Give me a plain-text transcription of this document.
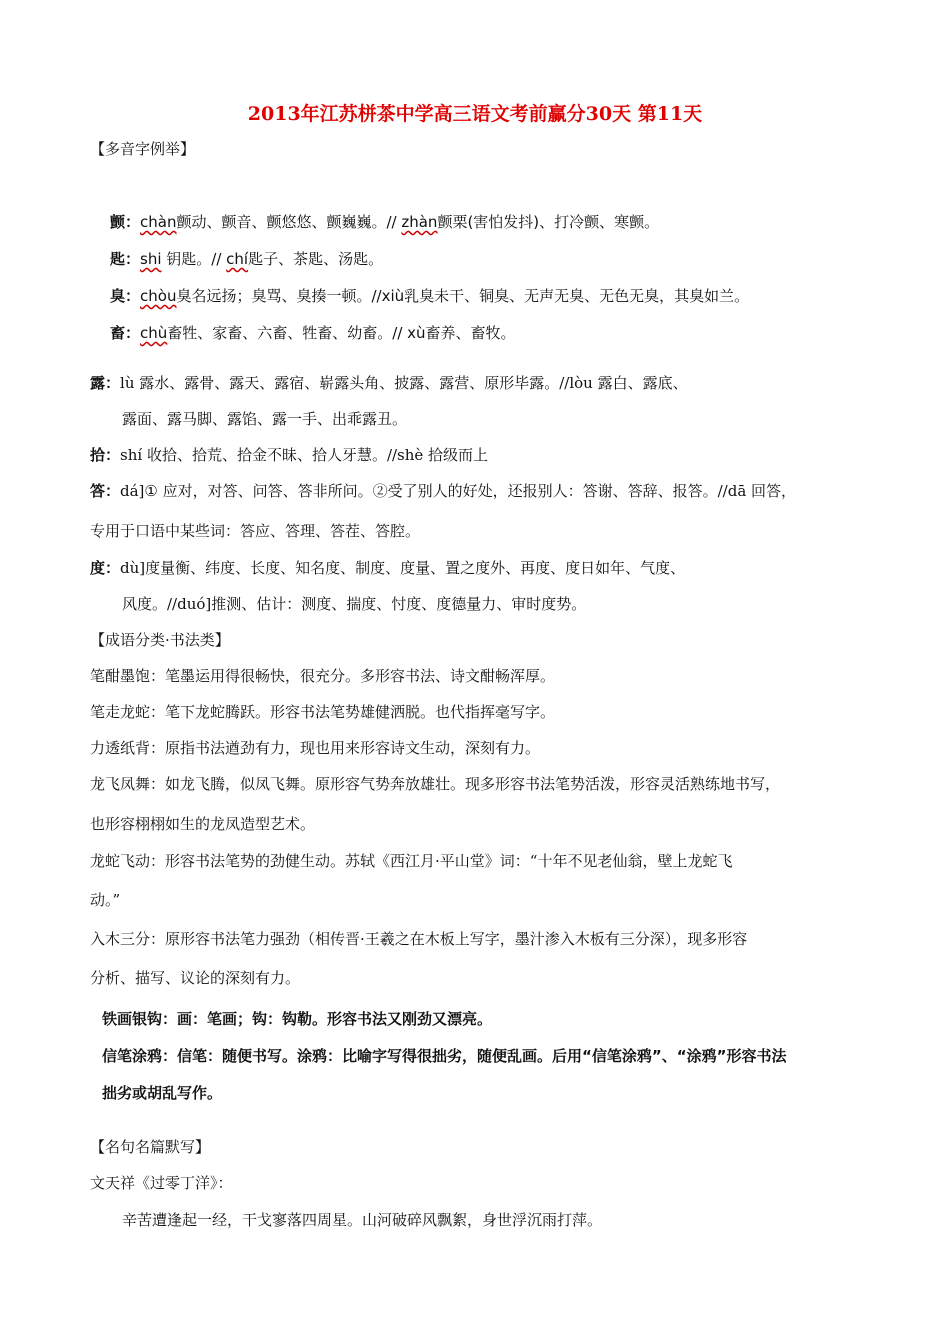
2013年江苏栟茶中学高三语文考前赢分30天 第11天
【多音字例举】
颤：chàn颤动、颤音、颤悠悠、颤巍巍。// zhàn颤栗(害怕发抖)、打冷颤、寒颤。
匙：shi 钥匙。// chí匙子、茶匙、汤匙。
臭：chòu臭名远扬；臭骂、臭揍一顿。//xiù乳臭未干、铜臭、无声无臭、无色无臭，其臭如兰。
畜：chù畜牲、家畜、六畜、牲畜、幼畜。// xù畜养、畜牧。
露：lù 露水、露骨、露天、露宿、崭露头角、披露、露营、原形毕露。//lòu 露白、露底、
露面、露马脚、露馅、露一手、出乖露丑。
拾：shí 收拾、拾荒、拾金不昧、拾人牙慧。//shè 拾级而上
答：dá]① 应对，对答、问答、答非所问。②受了别人的好处，还报别人：答谢、答辞、报答。//dā 回答，
专用于口语中某些词：答应、答理、答茬、答腔。
度：dù]度量衡、纬度、长度、知名度、制度、度量、置之度外、再度、度日如年、气度、
风度。//duó]推测、估计：测度、揣度、忖度、度德量力、审时度势。
【成语分类·书法类】
笔酣墨饱：笔墨运用得很畅快，很充分。多形容书法、诗文酣畅浑厚。
笔走龙蛇：笔下龙蛇腾跃。形容书法笔势雄健洒脱。也代指挥毫写字。
力透纸背：原指书法遒劲有力，现也用来形容诗文生动，深刻有力。
龙飞凤舞：如龙飞腾，似凤飞舞。原形容气势奔放雄壮。现多形容书法笔势活泼，形容灵活熟练地书写，
也形容栩栩如生的龙凤造型艺术。
龙蛇飞动：形容书法笔势的劲健生动。苏轼《西江月·平山堂》词：“十年不见老仙翁，壁上龙蛇飞
动。”
入木三分：原形容书法笔力强劲（相传晋·王羲之在木板上写字，墨汁渗入木板有三分深），现多形容
分析、描写、议论的深刻有力。
铁画银钩：画：笔画；钩：钩勒。形容书法又刚劲又漂亮。
信笔涂鸦：信笔：随便书写。涂鸦：比喻字写得很拙劣，随便乱画。后用“信笔涂鸦”、“涂鸦”形容书法
拙劣或胡乱写作。
【名句名篇默写】
文天祥《过零丁洋》：
辛苦遭逢起一经，干戈寥落四周星。山河破碎风飘絮，身世浮沉雨打萍。
